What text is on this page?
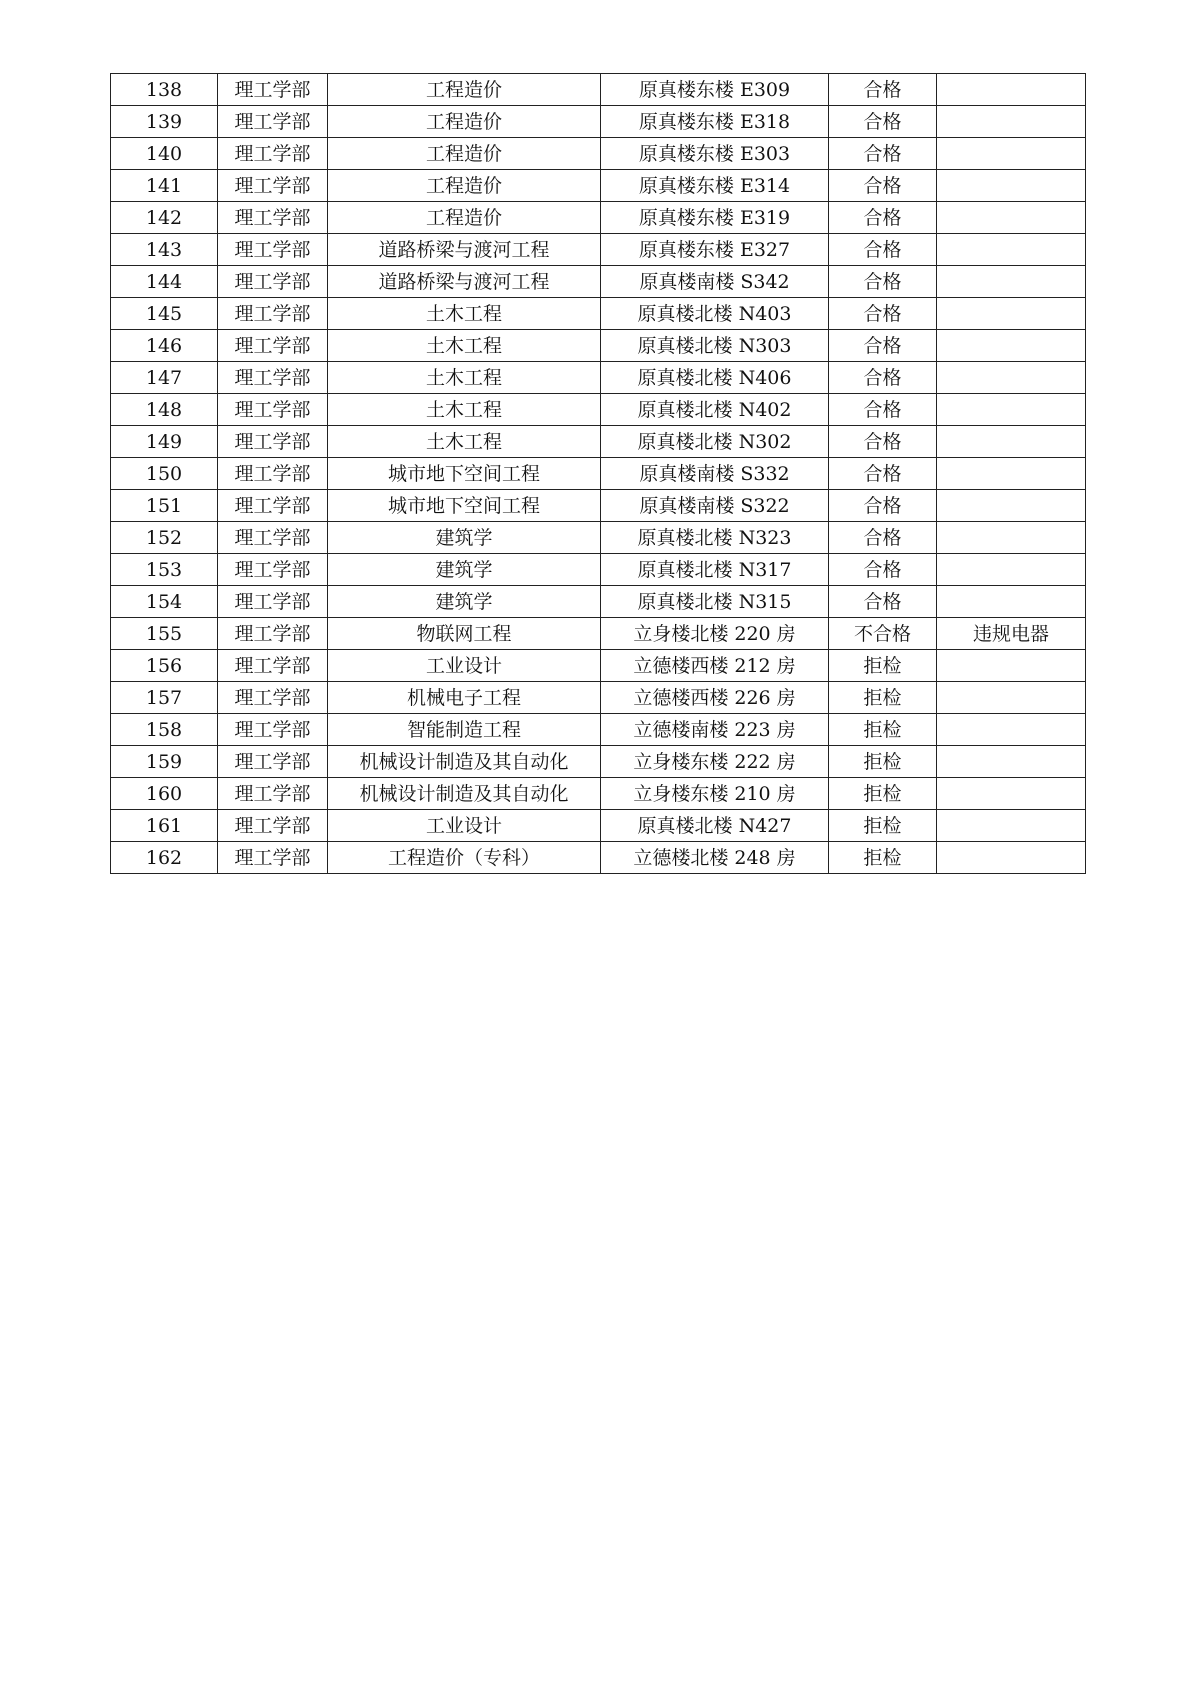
138	理工学部	工程造价	原真楼东楼 E309	合格	
139	理工学部	工程造价	原真楼东楼 E318	合格	
140	理工学部	工程造价	原真楼东楼 E303	合格	
141	理工学部	工程造价	原真楼东楼 E314	合格	
142	理工学部	工程造价	原真楼东楼 E319	合格	
143	理工学部	道路桥梁与渡河工程	原真楼东楼 E327	合格	
144	理工学部	道路桥梁与渡河工程	原真楼南楼 S342	合格	
145	理工学部	土木工程	原真楼北楼 N403	合格	
146	理工学部	土木工程	原真楼北楼 N303	合格	
147	理工学部	土木工程	原真楼北楼 N406	合格	
148	理工学部	土木工程	原真楼北楼 N402	合格	
149	理工学部	土木工程	原真楼北楼 N302	合格	
150	理工学部	城市地下空间工程	原真楼南楼 S332	合格	
151	理工学部	城市地下空间工程	原真楼南楼 S322	合格	
152	理工学部	建筑学	原真楼北楼 N323	合格	
153	理工学部	建筑学	原真楼北楼 N317	合格	
154	理工学部	建筑学	原真楼北楼 N315	合格	
155	理工学部	物联网工程	立身楼北楼 220 房	不合格	违规电器
156	理工学部	工业设计	立德楼西楼 212 房	拒检	
157	理工学部	机械电子工程	立德楼西楼 226 房	拒检	
158	理工学部	智能制造工程	立德楼南楼 223 房	拒检	
159	理工学部	机械设计制造及其自动化	立身楼东楼 222 房	拒检	
160	理工学部	机械设计制造及其自动化	立身楼东楼 210 房	拒检	
161	理工学部	工业设计	原真楼北楼 N427	拒检	
162	理工学部	工程造价（专科）	立德楼北楼 248 房	拒检	
